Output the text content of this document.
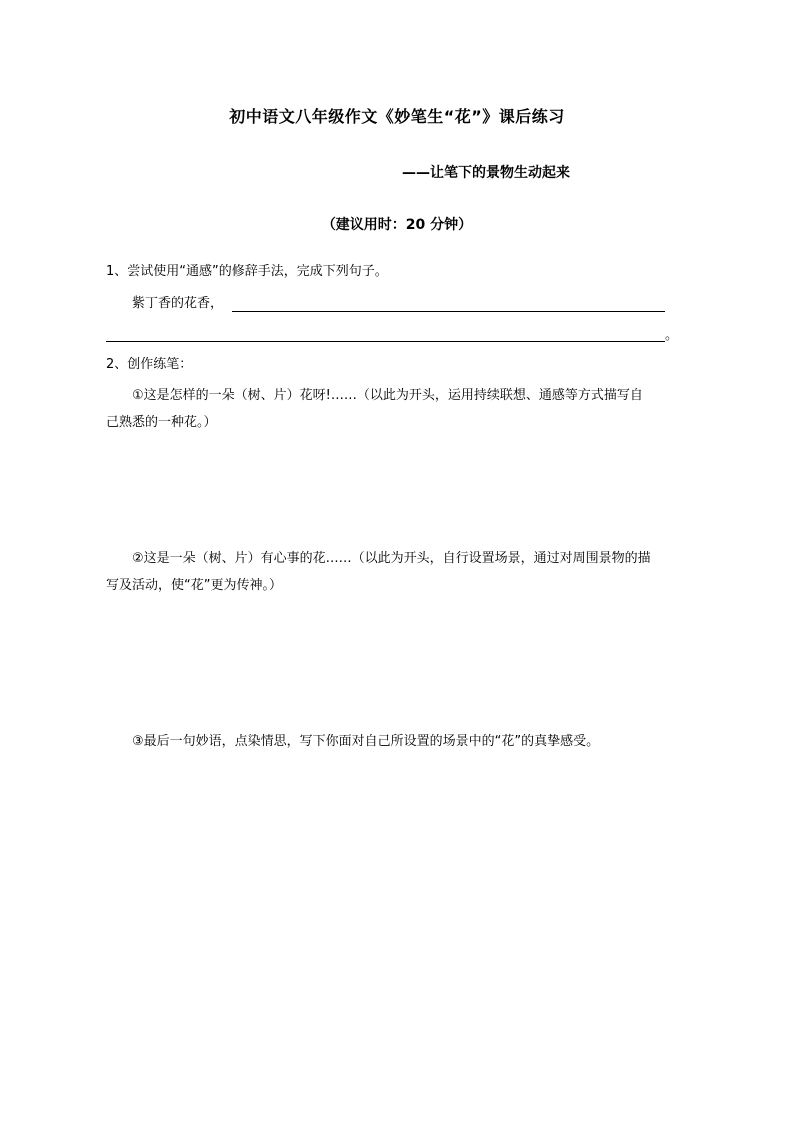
初中语文八年级作文《妙笔生“花”》课后练习
——让笔下的景物生动起来
（建议用时：20 分钟）
1、尝试使用“通感”的修辞手法，完成下列句子。
紫丁香的花香，
。
2、创作练笔：
①这是怎样的一朵（树、片）花呀!……（以此为开头，运用持续联想、通感等方式描写自
己熟悉的一种花。）
②这是一朵（树、片）有心事的花……（以此为开头，自行设置场景，通过对周围景物的描
写及活动，使“花”更为传神。）
③最后一句妙语，点染情思，写下你面对自己所设置的场景中的“花”的真挚感受。
